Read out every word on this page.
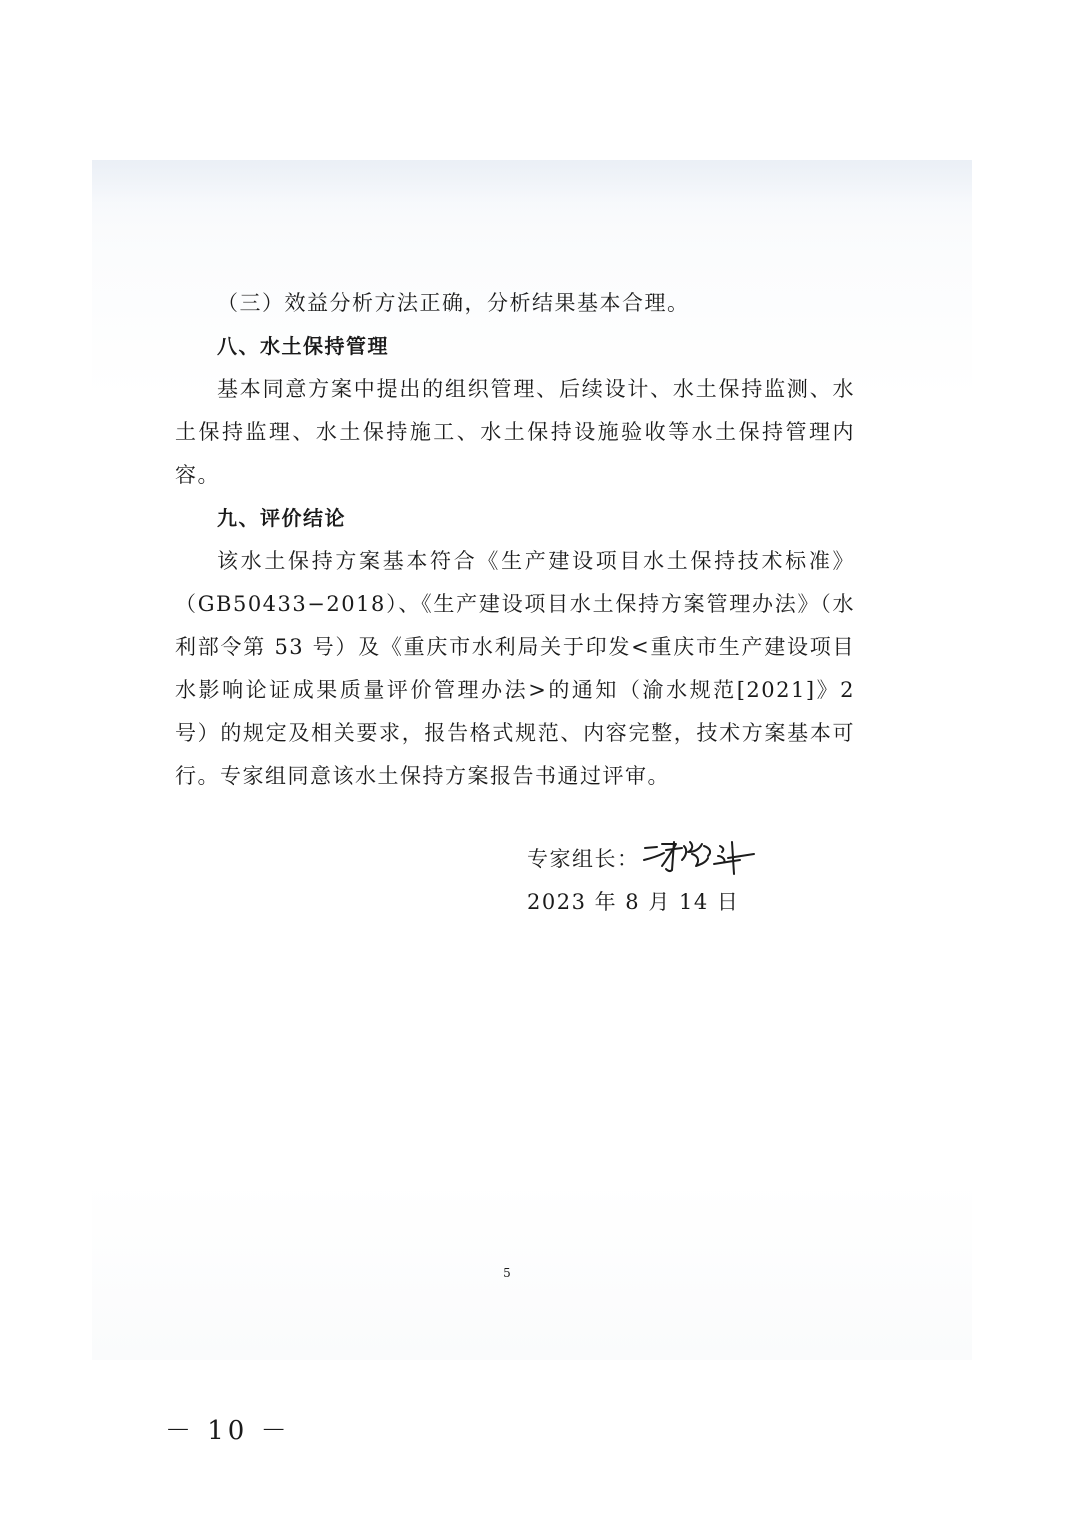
（三）效益分析方法正确，分析结果基本合理。

八、水土保持管理

基本同意方案中提出的组织管理、后续设计、水土保持监测、水土保持监理、水土保持施工、水土保持设施验收等水土保持管理内容。

九、评价结论

该水土保持方案基本符合《生产建设项目水土保持技术标准》（GB50433−2018）、《生产建设项目水土保持方案管理办法》（水利部令第 53 号）及《重庆市水利局关于印发<重庆市生产建设项目水影响论证成果质量评价管理办法>的通知（渝水规范[2021]》2 号）的规定及相关要求，报告格式规范、内容完整，技术方案基本可行。专家组同意该水土保持方案报告书通过评审。

专家组长：
2023 年 8 月 14 日
5
－ 10 －
